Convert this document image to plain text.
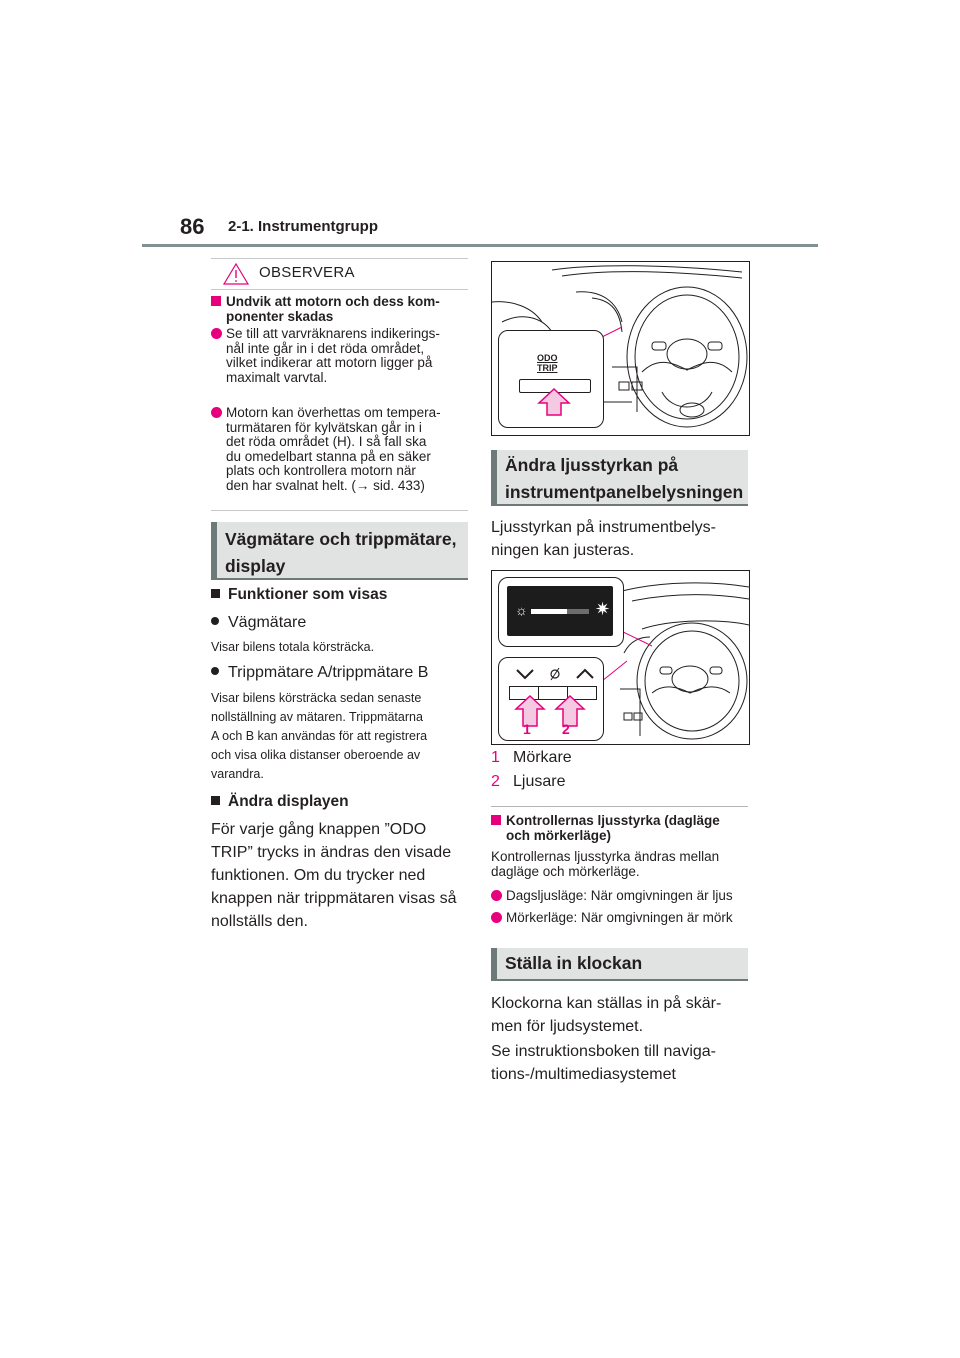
86 2-1. Instrumentgrupp
OBSERVERA
Undvik att motorn och dess kom-
ponenter skadas
Se till att varvräknarens indikerings-
nål inte går in i det röda området,
vilket indikerar att motorn ligger på
maximalt varvtal.
Motorn kan överhettas om tempera-
turmätaren för kylvätskan går in i
det röda området (H). I så fall ska
du omedelbart stanna på en säker
plats och kontrollera motorn när
den har svalnat helt. (→ sid. 433)
Vägmätare och trippmätare,
display
Funktioner som visas
Vägmätare
Visar bilens totala körsträcka.
Trippmätare A/trippmätare B
Visar bilens körsträcka sedan senaste
nollställning av mätaren. Trippmätarna
A och B kan användas för att registrera
och visa olika distanser oberoende av
varandra.
Ändra displayen
För varje gång knappen ”ODO
TRIP” trycks in ändras den visade
funktionen. Om du trycker ned
knappen när trippmätaren visas så
nollställs den.
ODO
TRIP
Ändra ljusstyrkan på
instrumentpanelbelysningen
Ljusstyrkan på instrumentbelys-
ningen kan justeras.
☼	✷
1 2
1 Mörkare
2 Ljusare
Kontrollernas ljusstyrka (dagläge
och mörkerläge)
Kontrollernas ljusstyrka ändras mellan
dagläge och mörkerläge.
Dagsljusläge: När omgivningen är ljus
Mörkerläge: När omgivningen är mörk
Ställa in klockan
Klockorna kan ställas in på skär-
men för ljudsystemet.
Se instruktionsboken till naviga-
tions-/multimediasystemet
